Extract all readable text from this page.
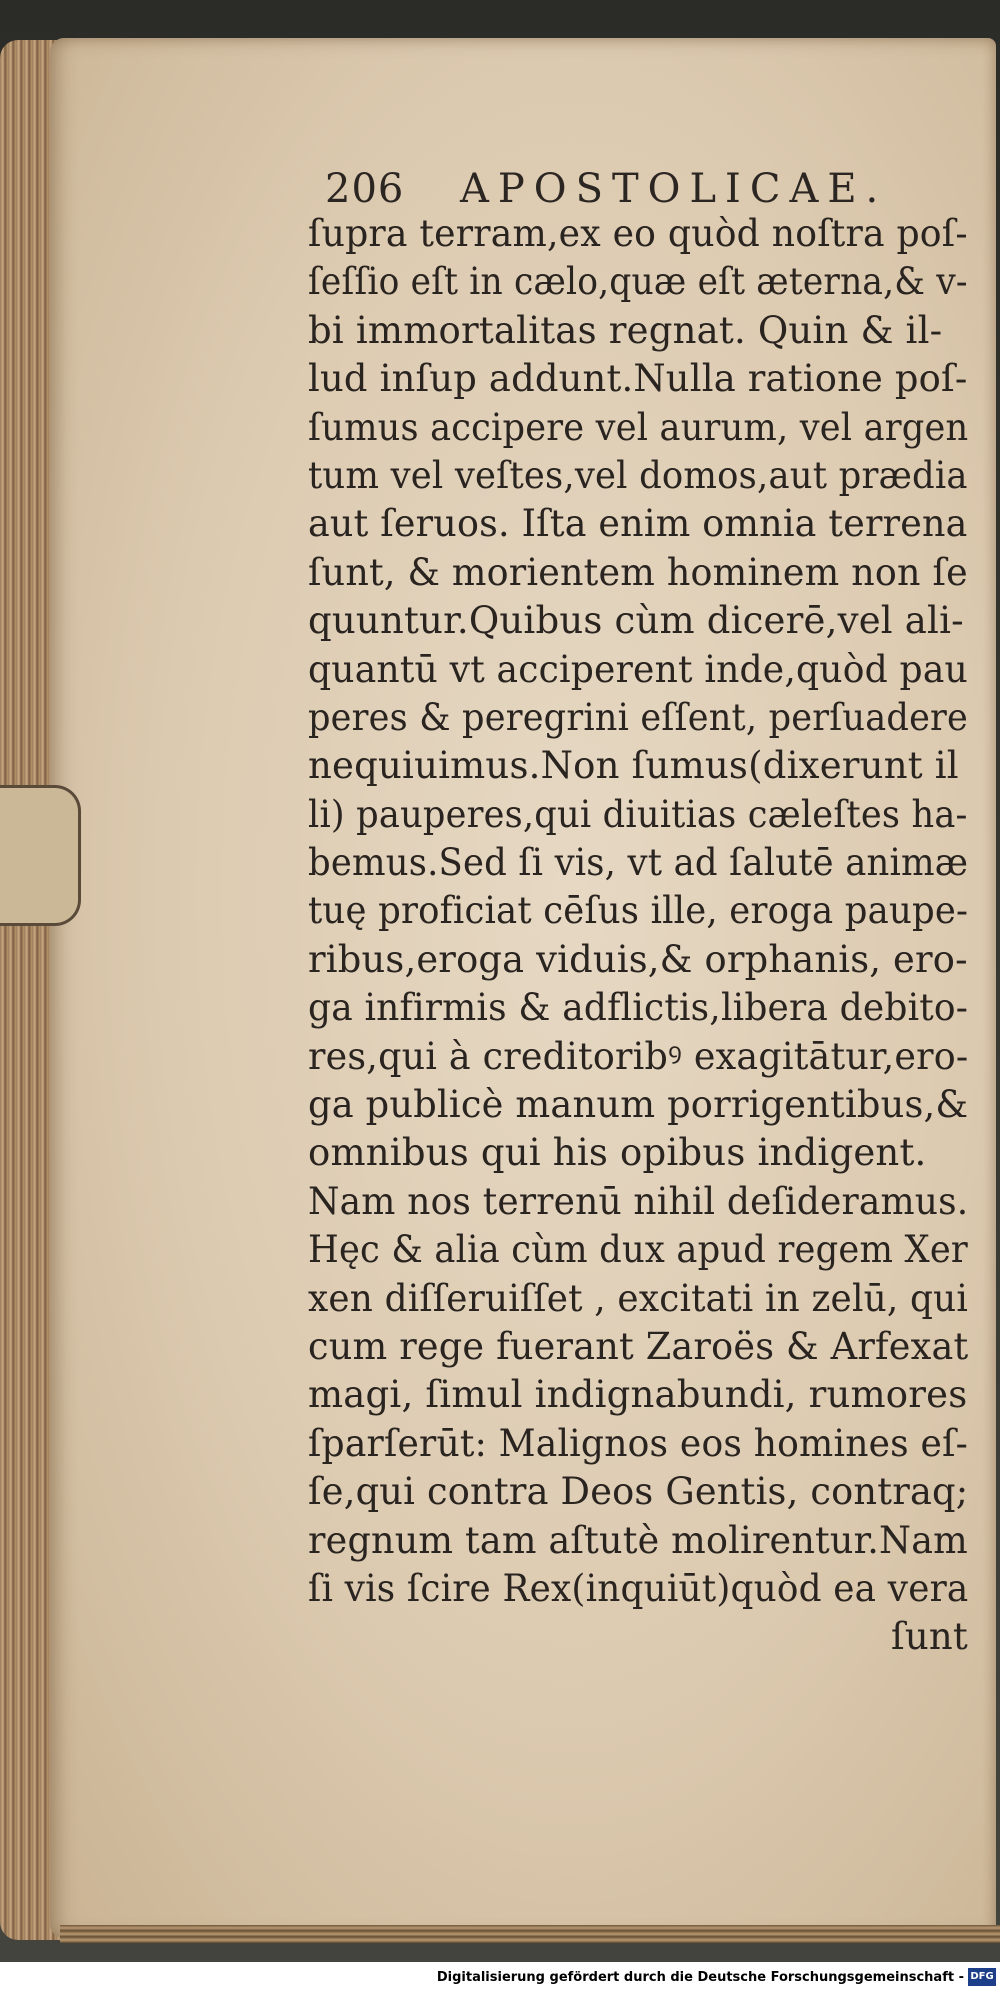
206 APOSTOLICAE.
ſupra terram,ex eo quòd noſtra poſ-
ſeſſio eſt in cælo,quæ eſt æterna,& v-
bi immortalitas regnat. Quin & il-
lud inſup addunt.Nulla ratione poſ-
ſumus accipere vel aurum, vel argen
tum vel veſtes,vel domos,aut prædia
aut ſeruos. Iſta enim omnia terrena
ſunt, & morientem hominem non ſe
quuntur.Quibus cùm dicerē,vel ali-
quantū vt acciperent inde,quòd pau
peres & peregrini eſſent, perſuadere
nequiuimus.Non ſumus(dixerunt il
li) pauperes,qui diuitias cæleſtes ha-
bemus.Sed ſi vis, vt ad ſalutē animæ
tuę proficiat cēſus ille, eroga paupe-
ribus,eroga viduis,& orphanis, ero-
ga infirmis & adflictis,libera debito-
res,qui à creditoribꝰ exagitātur,ero-
ga publicè manum porrigentibus,&
omnibus qui his opibus indigent.
Nam nos terrenū nihil deſideramus.
Hęc & alia cùm dux apud regem Xer
xen diſſeruiſſet , excitati in zelū, qui
cum rege fuerant Zaroës & Arfexat
magi, ſimul indignabundi, rumores
ſparſerūt: Malignos eos homines eſ-
ſe,qui contra Deos Gentis, contraq;
regnum tam aſtutè molirentur.Nam
ſi vis ſcire Rex(inquiūt)quòd ea vera
ſunt
Digitalisierung gefördert durch die Deutsche Forschungsgemeinschaft - DFG
